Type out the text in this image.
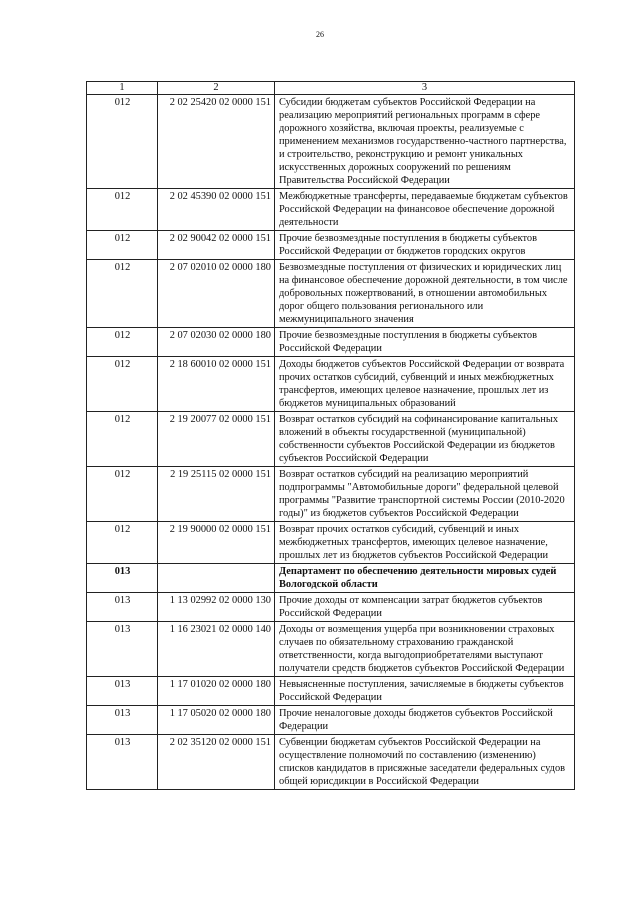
26
1	2	3
012	2 02 25420 02 0000 151	Субсидии бюджетам субъектов Российской Федерации на реализацию мероприятий региональных программ в сфере дорожного хозяйства, включая проекты, реализуемые с применением механизмов государственно-частного партнерства, и строительство, реконструкцию и ремонт уникальных искусственных дорожных сооружений по решениям Правительства Российской Федерации
012	2 02 45390 02 0000 151	Межбюджетные трансферты, передаваемые бюджетам субъектов Российской Федерации на финансовое обеспечение дорожной деятельности
012	2 02 90042 02 0000 151	Прочие безвозмездные поступления в бюджеты субъектов Российской Федерации от бюджетов городских округов
012	2 07 02010 02 0000 180	Безвозмездные поступления от физических и юридических лиц на финансовое обеспечение дорожной деятельности, в том числе добровольных пожертвований, в отношении автомобильных дорог общего пользования регионального или межмуниципального значения
012	2 07 02030 02 0000 180	Прочие безвозмездные поступления в бюджеты субъектов Российской Федерации
012	2 18 60010 02 0000 151	Доходы бюджетов субъектов Российской Федерации от возврата прочих остатков субсидий, субвенций и иных межбюджетных трансфертов, имеющих целевое назначение, прошлых лет из бюджетов муниципальных образований
012	2 19 20077 02 0000 151	Возврат остатков субсидий на софинансирование капитальных вложений в объекты государственной (муниципальной) собственности субъектов Российской Федерации из бюджетов субъектов Российской Федерации
012	2 19 25115 02 0000 151	Возврат остатков субсидий на реализацию мероприятий подпрограммы "Автомобильные дороги" федеральной целевой программы "Развитие транспортной системы России (2010-2020 годы)" из бюджетов субъектов Российской Федерации
012	2 19 90000 02 0000 151	Возврат прочих остатков субсидий, субвенций и иных межбюджетных трансфертов, имеющих целевое назначение, прошлых лет из бюджетов субъектов Российской Федерации
013		Департамент по обеспечению деятельности мировых судей Вологодской области
013	1 13 02992 02 0000 130	Прочие доходы от компенсации затрат бюджетов субъектов Российской Федерации
013	1 16 23021 02 0000 140	Доходы от возмещения ущерба при возникновении страховых случаев по обязательному страхованию гражданской ответственности, когда выгодоприобретателями выступают получатели средств бюджетов субъектов Российской Федерации
013	1 17 01020 02 0000 180	Невыясненные поступления, зачисляемые в бюджеты субъектов Российской Федерации
013	1 17 05020 02 0000 180	Прочие неналоговые доходы бюджетов субъектов Российской Федерации
013	2 02 35120 02 0000 151	Субвенции бюджетам субъектов Российской Федерации на осуществление полномочий по составлению (изменению) списков кандидатов в присяжные заседатели федеральных судов общей юрисдикции в Российской Федерации
